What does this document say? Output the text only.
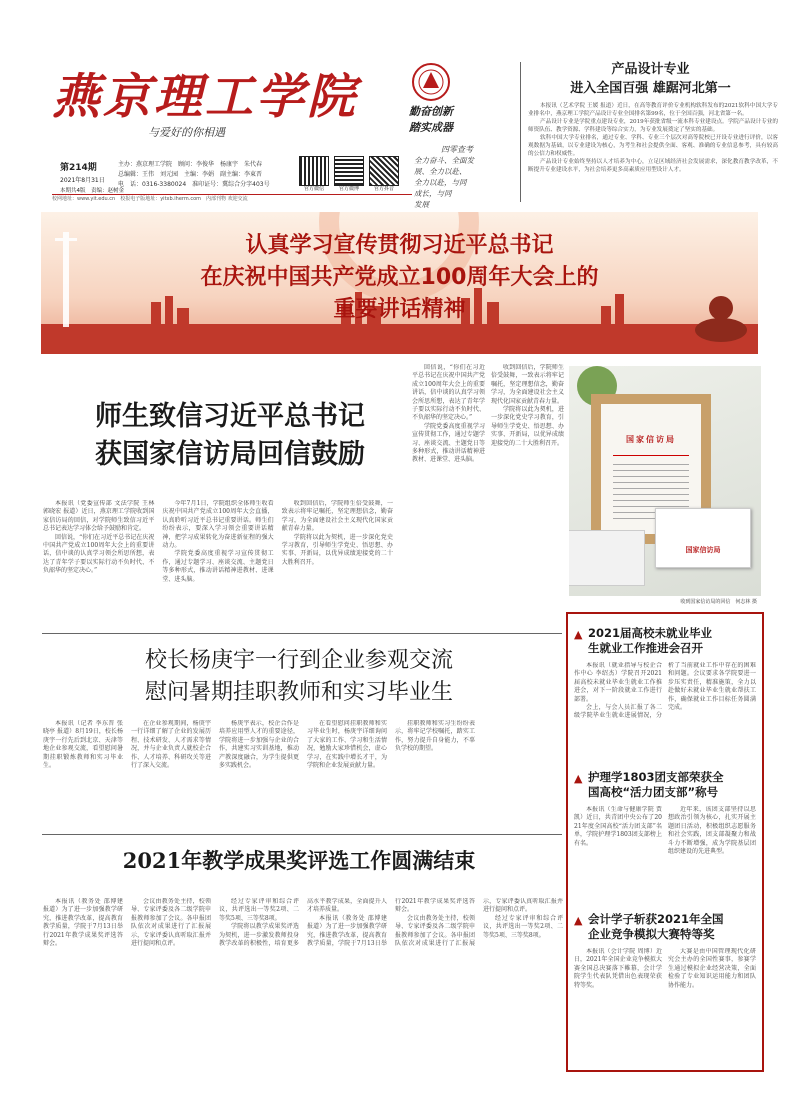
燕京理工学院
与爱好的你相遇
勤奋创新
踏实成器
四零查考
全力奋斗、全面发
展、全力以赴、
全力以赴，与同
成长，与同
发展
第214期
2021年8月31日
本期共4版　责编：赵树金
主办：燕京理工学院　顾问：李俊华　杨康宇　朱代春
总编辑：王伟　刘元园　主编：李娟　副主编：李東晋
电　话：0316-3380024　准印证号：冀综合分字403号
官方微信	官方微博	官方抖音
校网地址：www.yit.edu.cn　校报电子版地址：yitxb.iherm.com　内部刊物 欢迎交流
产品设计专业
进入全国百强 雄踞河北第一

本报讯（艺术学院 王媛 报道）近日，在高等教育评价专业机构软科发布的2021软科中国大学专业排名中，燕京理工学院产品设计专业全国排名第99名，位于全国百强，河北省第一名。

产品设计专业是学院重点建设专业，2019年获批省级一流本科专业建设点。学院产品设计专业的师资队伍、教学资源、学科建设等综合实力，为专业发展奠定了坚实的基础。

软科中国大学专业排名，通过专业、学科、专业三个层次对高等院校已开设专业进行评价，以客观数据为基础，以专业建设为核心，为考生和社会提供全面、客观、准确的专业信息参考，具有较高的公信力和权威性。

产品设计专业始终坚持以人才培养为中心，立足区域经济社会发展需求，深化教育教学改革，不断提升专业建设水平，为社会培养更多高素质应用型设计人才。

认真学习宣传贯彻习近平总书记
在庆祝中国共产党成立100周年大会上的
重要讲话精神
师生致信习近平总书记
获国家信访局回信鼓励

本报讯（党委宣传部 文法学院 王林 郭晓宏 报道）近日，燕京理工学院收到国家信访局的回信，对学院师生致信习近平总书记表达学习体会给予鼓励和肯定。

回信说，“你们在习近平总书记在庆祝中国共产党成立100周年大会上的重要讲话，信中谈的认真学习领会所思所想，表达了青年学子要以实际行动不负时代、不负韶华的坚定决心。”

今年7月1日，学院组织全体师生收看庆祝中国共产党成立100周年大会直播，认真聆听习近平总书记重要讲话。师生们纷纷表示，要深入学习领会重要讲话精神，把学习成果转化为奋进新征程的强大动力。

学院党委高度重视学习宣传贯彻工作，通过专题学习、座谈交流、主题党日等多种形式，推动讲话精神进教材、进课堂、进头脑。

收到回信后，学院师生倍受鼓舞，一致表示将牢记嘱托，坚定理想信念，勤奋学习，为全面建设社会主义现代化国家贡献青春力量。

学院将以此为契机，进一步深化党史学习教育，引导师生学党史、悟思想、办实事、开新局，以优异成绩迎接党的二十大胜利召开。

回信说，“你们在习近平总书记在庆祝中国共产党成立100周年大会上的重要讲话，信中谈的认真学习领会所思所想，表达了青年学子要以实际行动不负时代、不负韶华的坚定决心。”

学院党委高度重视学习宣传贯彻工作，通过专题学习、座谈交流、主题党日等多种形式，推动讲话精神进教材、进课堂、进头脑。

收到回信后，学院师生倍受鼓舞，一致表示将牢记嘱托，坚定理想信念，勤奋学习，为全面建设社会主义现代化国家贡献青春力量。

学院将以此为契机，进一步深化党史学习教育，引导师生学党史、悟思想、办实事、开新局，以优异成绩迎接党的二十大胜利召开。	国家信访局
国家信访局
收到国家信访局的回信　何志林 摄
校长杨庚宇一行到企业参观交流
慰问暑期挂职教师和实习毕业生

本报讯（记者 李东晋 张晓亭 报道）8月19日，校长杨庚宇一行先后到北京、天津等地企业参观交流，看望慰问暑期挂职锻炼教师和实习毕业生。

在企业参观期间，杨庚宇一行详细了解了企业的发展历程、技术研发、人才需求等情况，并与企业负责人就校企合作、人才培养、科研攻关等进行了深入交流。

杨庚宇表示，校企合作是培养应用型人才的重要途径，学院将进一步加强与企业的合作，共建实习实训基地，推动产教深度融合，为学生提供更多实践机会。

在看望慰问挂职教师和实习毕业生时，杨庚宇详细询问了大家的工作、学习和生活情况，勉励大家珍惜机会，虚心学习，在实践中增长才干，为学院和企业发展贡献力量。

挂职教师和实习生纷纷表示，将牢记学校嘱托，踏实工作，努力提升自身能力，不辜负学校的期望。

2021年教学成果奖评选工作圆满结束

本报讯（教务处 邵博建 报道）为了进一步加强教学研究，推进教学改革，提高教育教学质量，学院于7月13日举行2021年教学成果奖评选答辩会。

会议由教务处主持，校领导、专家评委及各二级学院申报教师参加了会议。各申报团队依次对成果进行了汇报展示，专家评委认真听取汇报并进行提问和点评。

经过专家评审和综合评议，共评选出一等奖2项、二等奖5项、三等奖8项。

学院将以教学成果奖评选为契机，进一步激发教师投身教学改革的积极性，培育更多高水平教学成果，全面提升人才培养质量。

本报讯（教务处 邵博建 报道）为了进一步加强教学研究，推进教学改革，提高教育教学质量，学院于7月13日举行2021年教学成果奖评选答辩会。

会议由教务处主持，校领导、专家评委及各二级学院申报教师参加了会议。各申报团队依次对成果进行了汇报展示，专家评委认真听取汇报并进行提问和点评。

经过专家评审和综合评议，共评选出一等奖2项、二等奖5项、三等奖8项。

▲ 2021届高校未就业毕业
生就业工作推进会召开

本报讯（就业指导与校企合作中心 李绍杰）学院召开2021届高校未就业毕业生就业工作推进会，对下一阶段就业工作进行部署。

会上，与会人员汇报了各二级学院毕业生就业进展情况，分析了当前就业工作中存在的困难和问题。会议要求各学院要进一步压实责任，精准施策，全力以赴做好未就业毕业生就业帮扶工作，确保就业工作目标任务圆满完成。

▲ 护理学1803团支部荣获全
国高校“活力团支部”称号

本报讯（生命与健康学院 贾凯）近日，共青团中央公布了2021年度全国高校“活力团支部”名单，学院护理学1803团支部榜上有名。

近年来，该团支部坚持以思想政治引领为核心，扎实开展主题团日活动，积极组织志愿服务和社会实践，团支部凝聚力和战斗力不断增强，成为学院基层团组织建设的先进典型。

▲ 会计学子斩获2021年全国
企业竞争模拟大赛特等奖

本报讯（会计学院 周博）近日，2021年全国企业竞争模拟大赛全国总决赛落下帷幕，会计学院学生代表队凭借出色表现荣获特等奖。

大赛是由中国管理现代化研究会主办的全国性赛事，参赛学生通过模拟企业经营决策，全面检验了专业知识运用能力和团队协作能力。
